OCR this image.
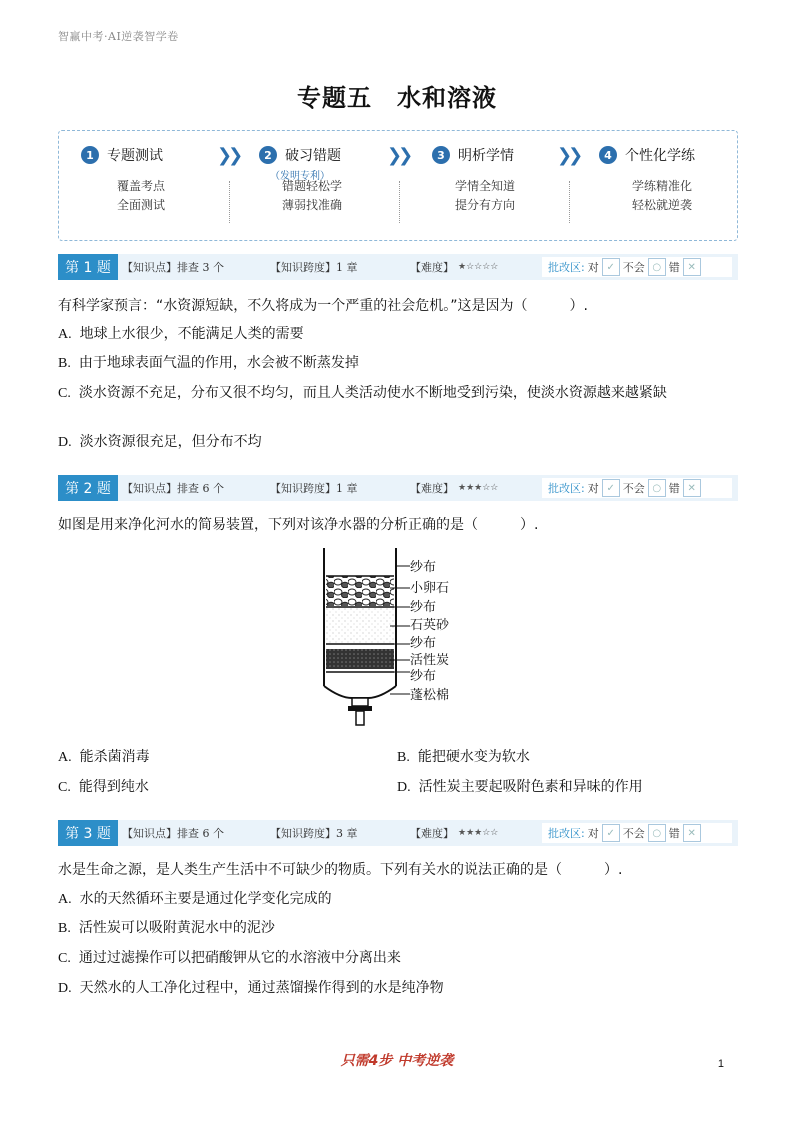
智赢中考·AI逆袭智学卷
专题五　水和溶液
1 专题测试
覆盖考点
全面测试
❯❯	2 破习错题
（发明专利）
错题轻松学
薄弱找准确
❯❯	3 明析学情
学情全知道
提分有方向
❯❯	4 个性化学练
学练精准化
轻松就逆袭
第 1 题	【知识点】排查 3 个	【知识跨度】1 章	【难度】 ★☆☆☆☆	批改区: 对 ✓ 不会 ○ 错 ✕
有科学家预言：“水资源短缺，不久将成为一个严重的社会危机。”这是因为（　　　）.
A. 地球上水很少，不能满足人类的需要
B. 由于地球表面气温的作用，水会被不断蒸发掉
C. 淡水资源不充足，分布又很不均匀，而且人类活动使水不断地受到污染，使淡水资源越来越紧缺
D. 淡水资源很充足，但分布不均
第 2 题	【知识点】排查 6 个	【知识跨度】1 章	【难度】 ★★★☆☆	批改区: 对 ✓ 不会 ○ 错 ✕
如图是用来净化河水的简易装置，下列对该净水器的分析正确的是（　　　）.
纱布
小卵石
纱布
石英砂
纱布
活性炭
纱布
蓬松棉
A. 能杀菌消毒	B. 能把硬水变为软水
C. 能得到纯水	D. 活性炭主要起吸附色素和异味的作用
第 3 题	【知识点】排查 6 个	【知识跨度】3 章	【难度】 ★★★☆☆	批改区: 对 ✓ 不会 ○ 错 ✕
水是生命之源，是人类生产生活中不可缺少的物质。下列有关水的说法正确的是（　　　）.
A. 水的天然循环主要是通过化学变化完成的
B. 活性炭可以吸附黄泥水中的泥沙
C. 通过过滤操作可以把硝酸钾从它的水溶液中分离出来
D. 天然水的人工净化过程中，通过蒸馏操作得到的水是纯净物
只需4步 中考逆袭	1
